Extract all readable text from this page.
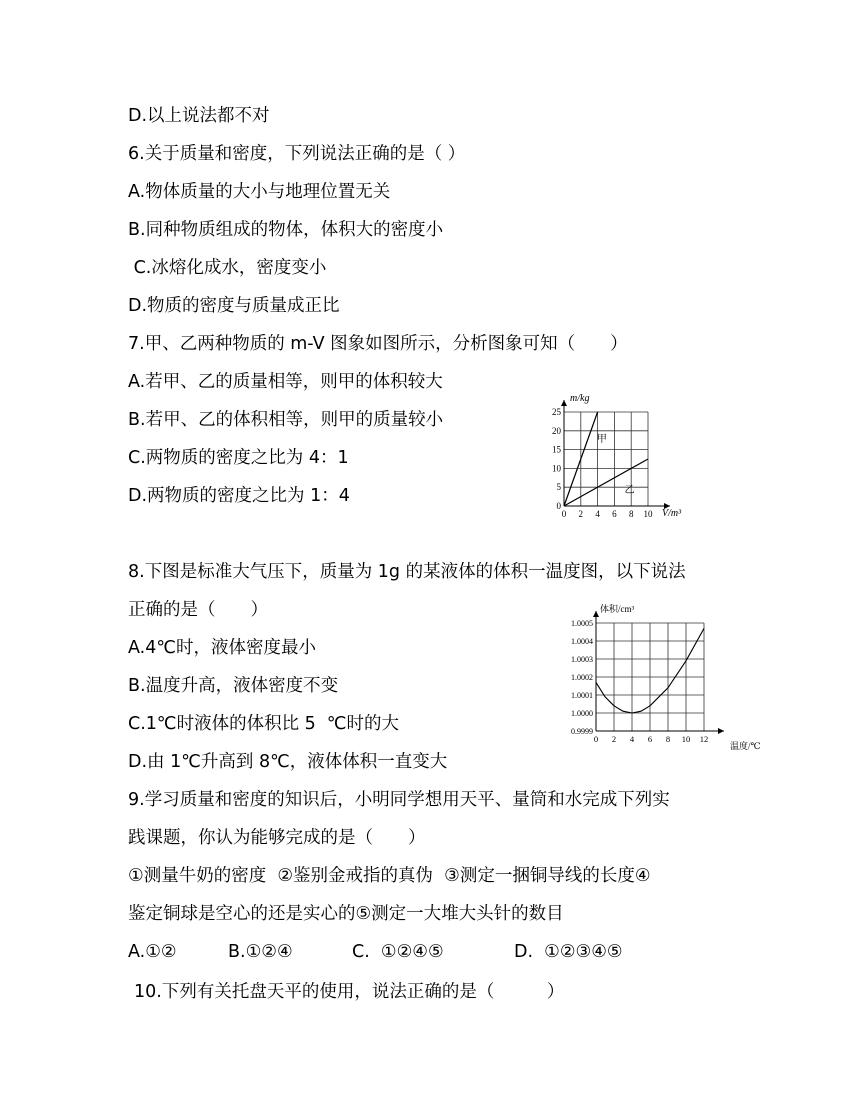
D.以上说法都不对
6.关于质量和密度，下列说法正确的是（ ）
A.物体质量的大小与地理位置无关
B.同种物质组成的物体，体积大的密度小
C.冰熔化成水，密度变小
D.物质的密度与质量成正比
7.甲、乙两种物质的 m-V 图象如图所示，分析图象可知（　　）
A.若甲、乙的质量相等，则甲的体积较大
B.若甲、乙的体积相等，则甲的质量较小
C.两物质的密度之比为 4：1
D.两物质的密度之比为 1：4
8.下图是标准大气压下，质量为 1g 的某液体的体积一温度图，以下说法
正确的是（　　）
A.4℃时，液体密度最小
B.温度升高，液体密度不变
C.1℃时液体的体积比 5  ℃时的大
D.由 1℃升高到 8℃，液体体积一直变大
9.学习质量和密度的知识后，小明同学想用天平、量筒和水完成下列实
践课题，你认为能够完成的是（　　）
①测量牛奶的密度  ②鉴别金戒指的真伪  ③测定一捆铜导线的长度④
鉴定铜球是空心的还是实心的⑤测定一大堆大头针的数目
A.①②	B.①②④	C.  ①②④⑤	D.  ①②③④⑤
10.下列有关托盘天平的使用，说法正确的是（　　　）
0 2 4 6 8 10
0
5
10
15
20
25
甲
乙
m/kg
V/m³
0 2 4 6 8 10 12
0.9999
1.0000
1.0001
1.0002
1.0003
1.0004
1.0005
体积/cm³
温度/℃
